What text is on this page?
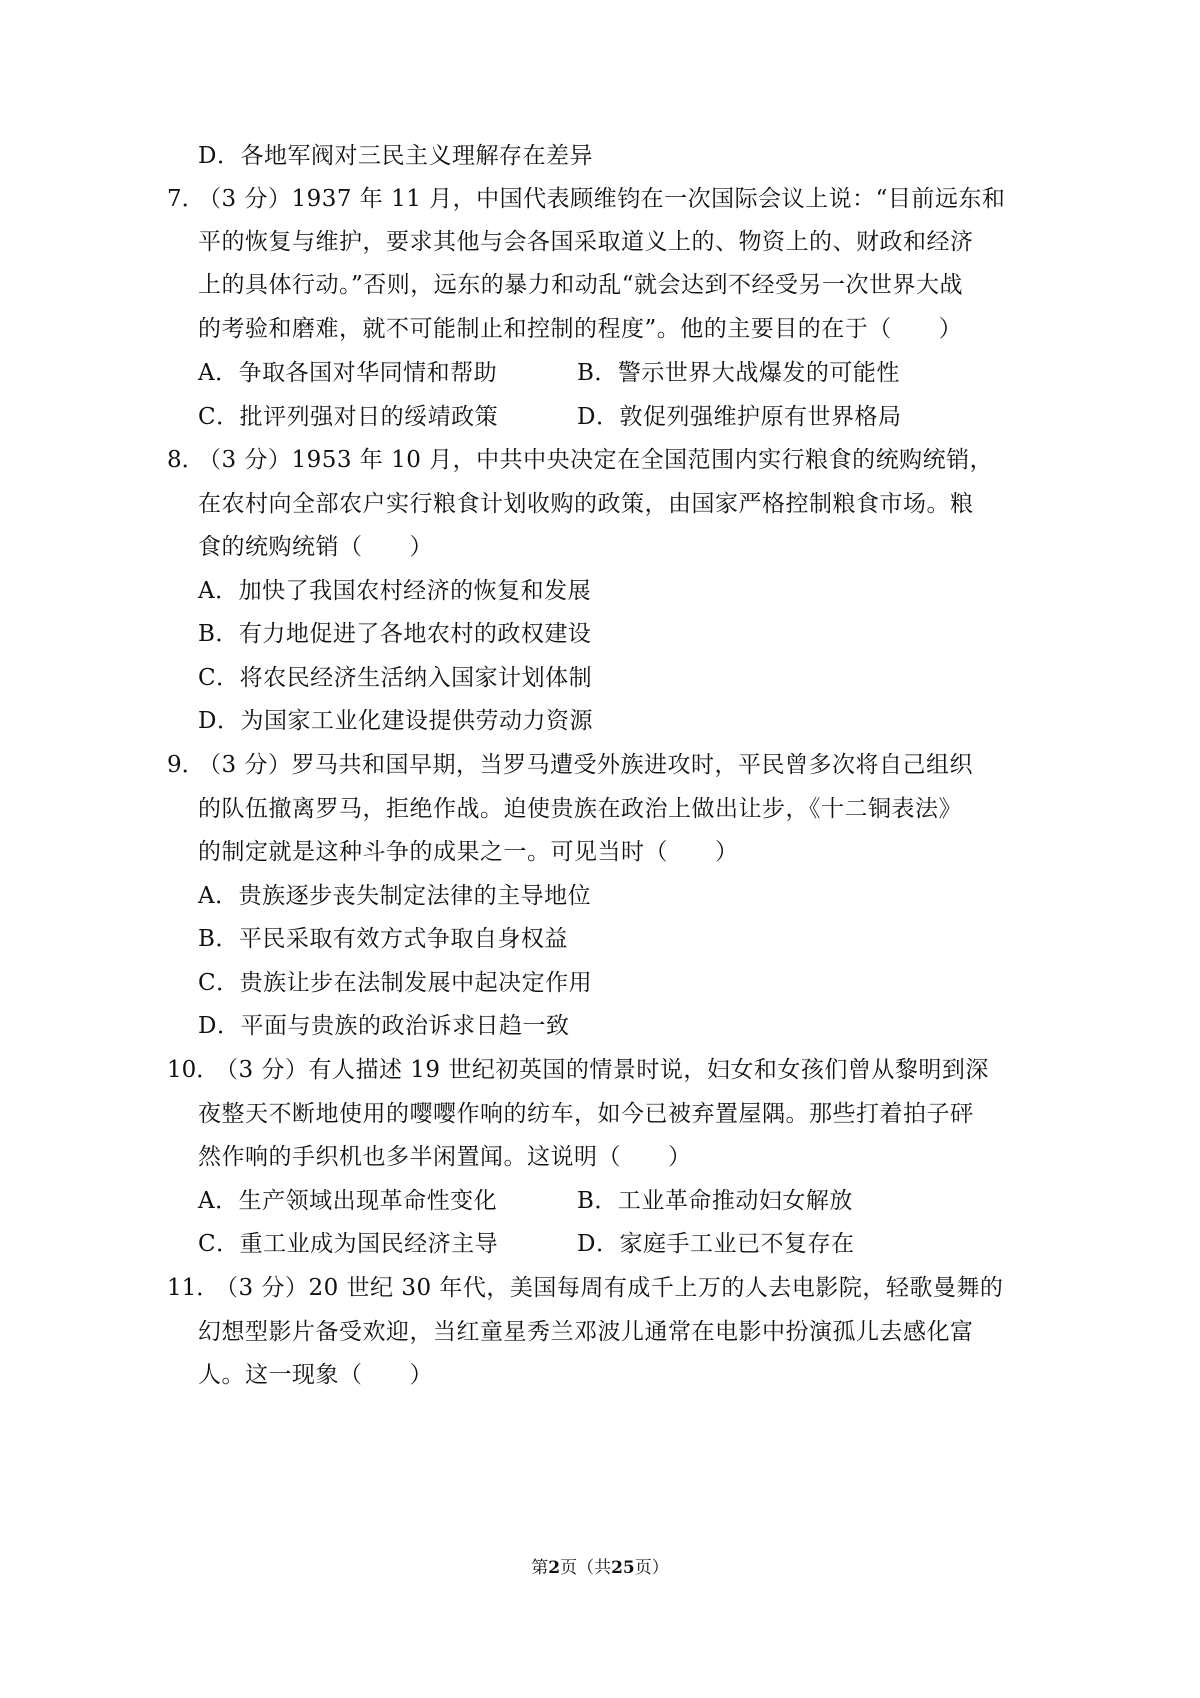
D．各地军阀对三民主义理解存在差异
7．
（3 分）1937 年 11 月，中国代表顾维钧在一次国际会议上说：“目前远东和
平的恢复与维护，要求其他与会各国采取道义上的、物资上的、财政和经济
上的具体行动。”否则，远东的暴力和动乱“就会达到不经受另一次世界大战
的考验和磨难，就不可能制止和控制的程度”。他的主要目的在于（　　）
A．争取各国对华同情和帮助	B．警示世界大战爆发的可能性
C．批评列强对日的绥靖政策	D．敦促列强维护原有世界格局
8．
（3 分）1953 年 10 月，中共中央决定在全国范围内实行粮食的统购统销，
在农村向全部农户实行粮食计划收购的政策，由国家严格控制粮食市场。粮
食的统购统销（　　）
A．加快了我国农村经济的恢复和发展
B．有力地促进了各地农村的政权建设
C．将农民经济生活纳入国家计划体制
D．为国家工业化建设提供劳动力资源
9．
（3 分）罗马共和国早期，当罗马遭受外族进攻时，平民曾多次将自己组织
的队伍撤离罗马，拒绝作战。迫使贵族在政治上做出让步，《十二铜表法》
的制定就是这种斗争的成果之一。可见当时（　　）
A．贵族逐步丧失制定法律的主导地位
B．平民采取有效方式争取自身权益
C．贵族让步在法制发展中起决定作用
D．平面与贵族的政治诉求日趋一致
10．
（3 分）有人描述 19 世纪初英国的情景时说，妇女和女孩们曾从黎明到深
夜整天不断地使用的嘤嘤作响的纺车，如今已被弃置屋隅。那些打着拍子砰
然作响的手织机也多半闲置闻。这说明（　　）
A．生产领域出现革命性变化	B．工业革命推动妇女解放
C．重工业成为国民经济主导	D．家庭手工业已不复存在
11．
（3 分）20 世纪 30 年代，美国每周有成千上万的人去电影院，轻歌曼舞的
幻想型影片备受欢迎，当红童星秀兰邓波儿通常在电影中扮演孤儿去感化富
人。这一现象（　　）
第2页（共25页）
